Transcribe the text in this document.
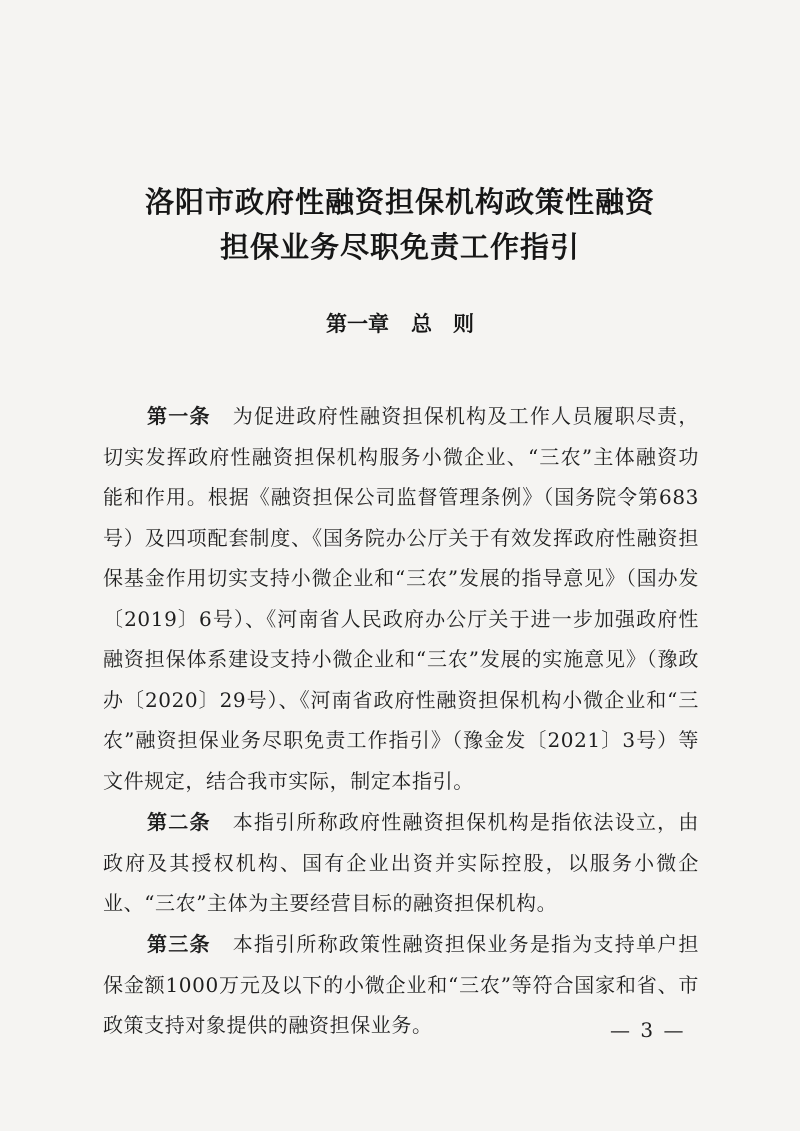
洛阳市政府性融资担保机构政策性融资
担保业务尽职免责工作指引
第一章 总　则

第一条 为促进政府性融资担保机构及工作人员履职尽责，切实发挥政府性融资担保机构服务小微企业、“三农”主体融资功能和作用。根据《融资担保公司监督管理条例》（国务院令第683号）及四项配套制度、《国务院办公厅关于有效发挥政府性融资担保基金作用切实支持小微企业和“三农”发展的指导意见》（国办发〔2019〕6号）、《河南省人民政府办公厅关于进一步加强政府性融资担保体系建设支持小微企业和“三农”发展的实施意见》（豫政办〔2020〕29号）、《河南省政府性融资担保机构小微企业和“三农”融资担保业务尽职免责工作指引》（豫金发〔2021〕3号）等文件规定，结合我市实际，制定本指引。

第二条 本指引所称政府性融资担保机构是指依法设立，由政府及其授权机构、国有企业出资并实际控股，以服务小微企业、“三农”主体为主要经营目标的融资担保机构。

第三条 本指引所称政策性融资担保业务是指为支持单户担保金额1000万元及以下的小微企业和“三农”等符合国家和省、市政策支持对象提供的融资担保业务。	— 3 —
